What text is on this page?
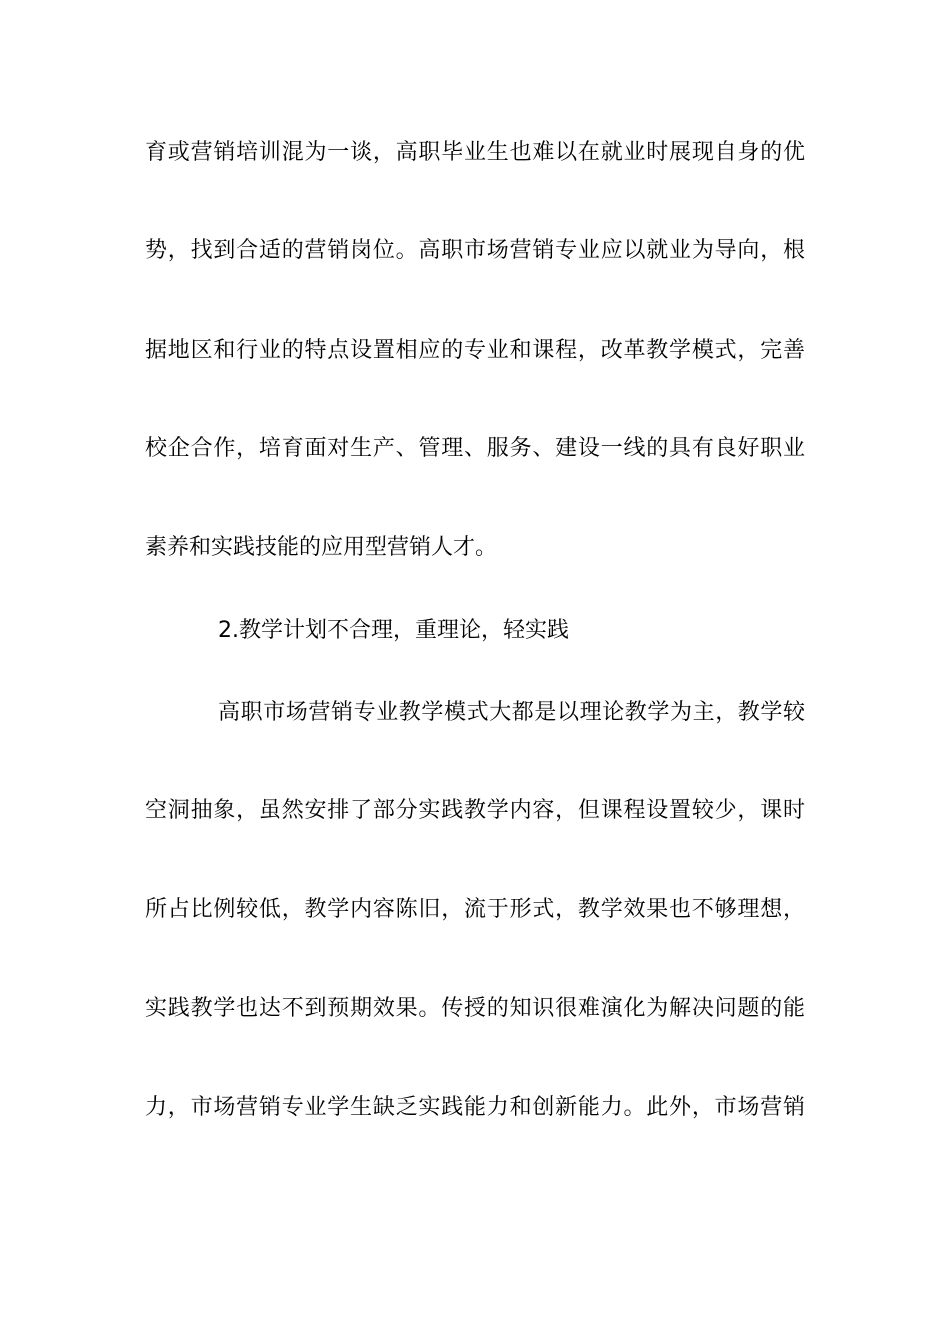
育或营销培训混为一谈，高职毕业生也难以在就业时展现自身的优
势，找到合适的营销岗位。高职市场营销专业应以就业为导向，根
据地区和行业的特点设置相应的专业和课程，改革教学模式，完善
校企合作，培育面对生产、管理、服务、建设一线的具有良好职业
素养和实践技能的应用型营销人才。
2.教学计划不合理，重理论，轻实践
高职市场营销专业教学模式大都是以理论教学为主，教学较
空洞抽象，虽然安排了部分实践教学内容，但课程设置较少，课时
所占比例较低，教学内容陈旧，流于形式，教学效果也不够理想，
实践教学也达不到预期效果。传授的知识很难演化为解决问题的能
力，市场营销专业学生缺乏实践能力和创新能力。此外，市场营销
